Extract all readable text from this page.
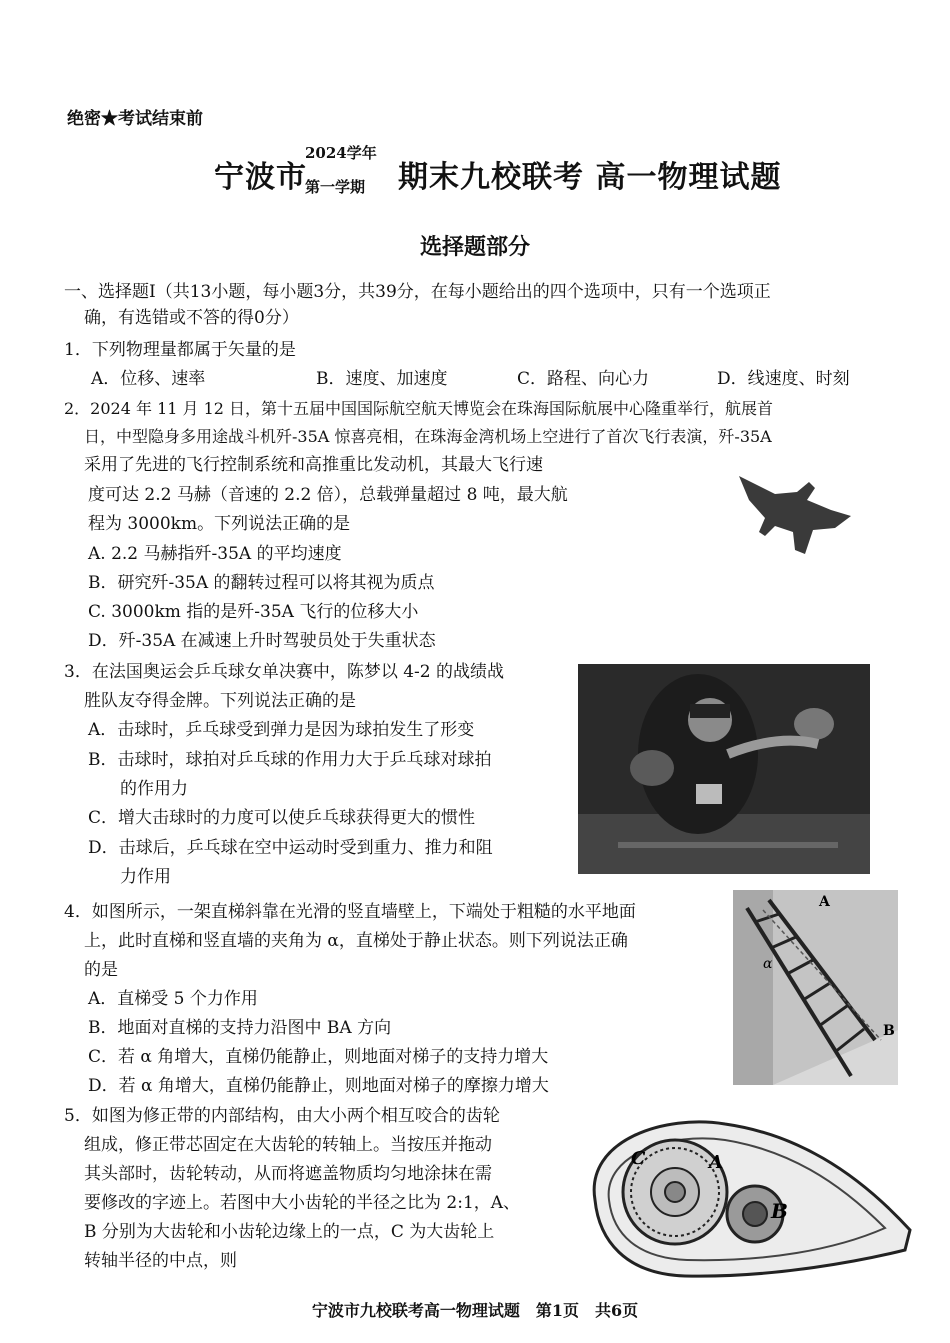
绝密★考试结束前
宁波市
2024学年
第一学期 期末九校联考 高一物理试题
选择题部分
一、选择题Ⅰ（共13小题，每小题3分，共39分，在每小题给出的四个选项中，只有一个选项正
确，有选错或不答的得0分）
1．下列物理量都属于矢量的是
A．位移、速率	B．速度、加速度	C．路程、向心力	D．线速度、时刻
2．2024 年 11 月 12 日，第十五届中国国际航空航天博览会在珠海国际航展中心隆重举行，航展首
日，中型隐身多用途战斗机歼-35A 惊喜亮相，在珠海金湾机场上空进行了首次飞行表演，歼-35A
采用了先进的飞行控制系统和高推重比发动机，其最大飞行速
度可达 2.2 马赫（音速的 2.2 倍），总载弹量超过 8 吨，最大航
程为 3000km。下列说法正确的是
A. 2.2 马赫指歼-35A 的平均速度
B．研究歼-35A 的翻转过程可以将其视为质点
C. 3000km 指的是歼-35A 飞行的位移大小
D．歼-35A 在减速上升时驾驶员处于失重状态
3．在法国奥运会乒乓球女单决赛中，陈梦以 4-2 的战绩战
胜队友夺得金牌。下列说法正确的是
A．击球时，乒乓球受到弹力是因为球拍发生了形变
B．击球时，球拍对乒乓球的作用力大于乒乓球对球拍
的作用力
C．增大击球时的力度可以使乒乓球获得更大的惯性
D．击球后，乒乓球在空中运动时受到重力、推力和阻
力作用
4．如图所示，一架直梯斜靠在光滑的竖直墙壁上，下端处于粗糙的水平地面
上，此时直梯和竖直墙的夹角为 α，直梯处于静止状态。则下列说法正确
的是
A．直梯受 5 个力作用
B．地面对直梯的支持力沿图中 BA 方向
C．若 α 角增大，直梯仍能静止，则地面对梯子的支持力增大
D．若 α 角增大，直梯仍能静止，则地面对梯子的摩擦力增大
α
A
B
5．如图为修正带的内部结构，由大小两个相互咬合的齿轮
组成，修正带芯固定在大齿轮的转轴上。当按压并拖动
其头部时，齿轮转动，从而将遮盖物质均匀地涂抹在需
要修改的字迹上。若图中大小齿轮的半径之比为 2:1，A、
B 分别为大齿轮和小齿轮边缘上的一点，C 为大齿轮上
转轴半径的中点，则
C	A
B
宁波市九校联考高一物理试题　第1页　共6页
